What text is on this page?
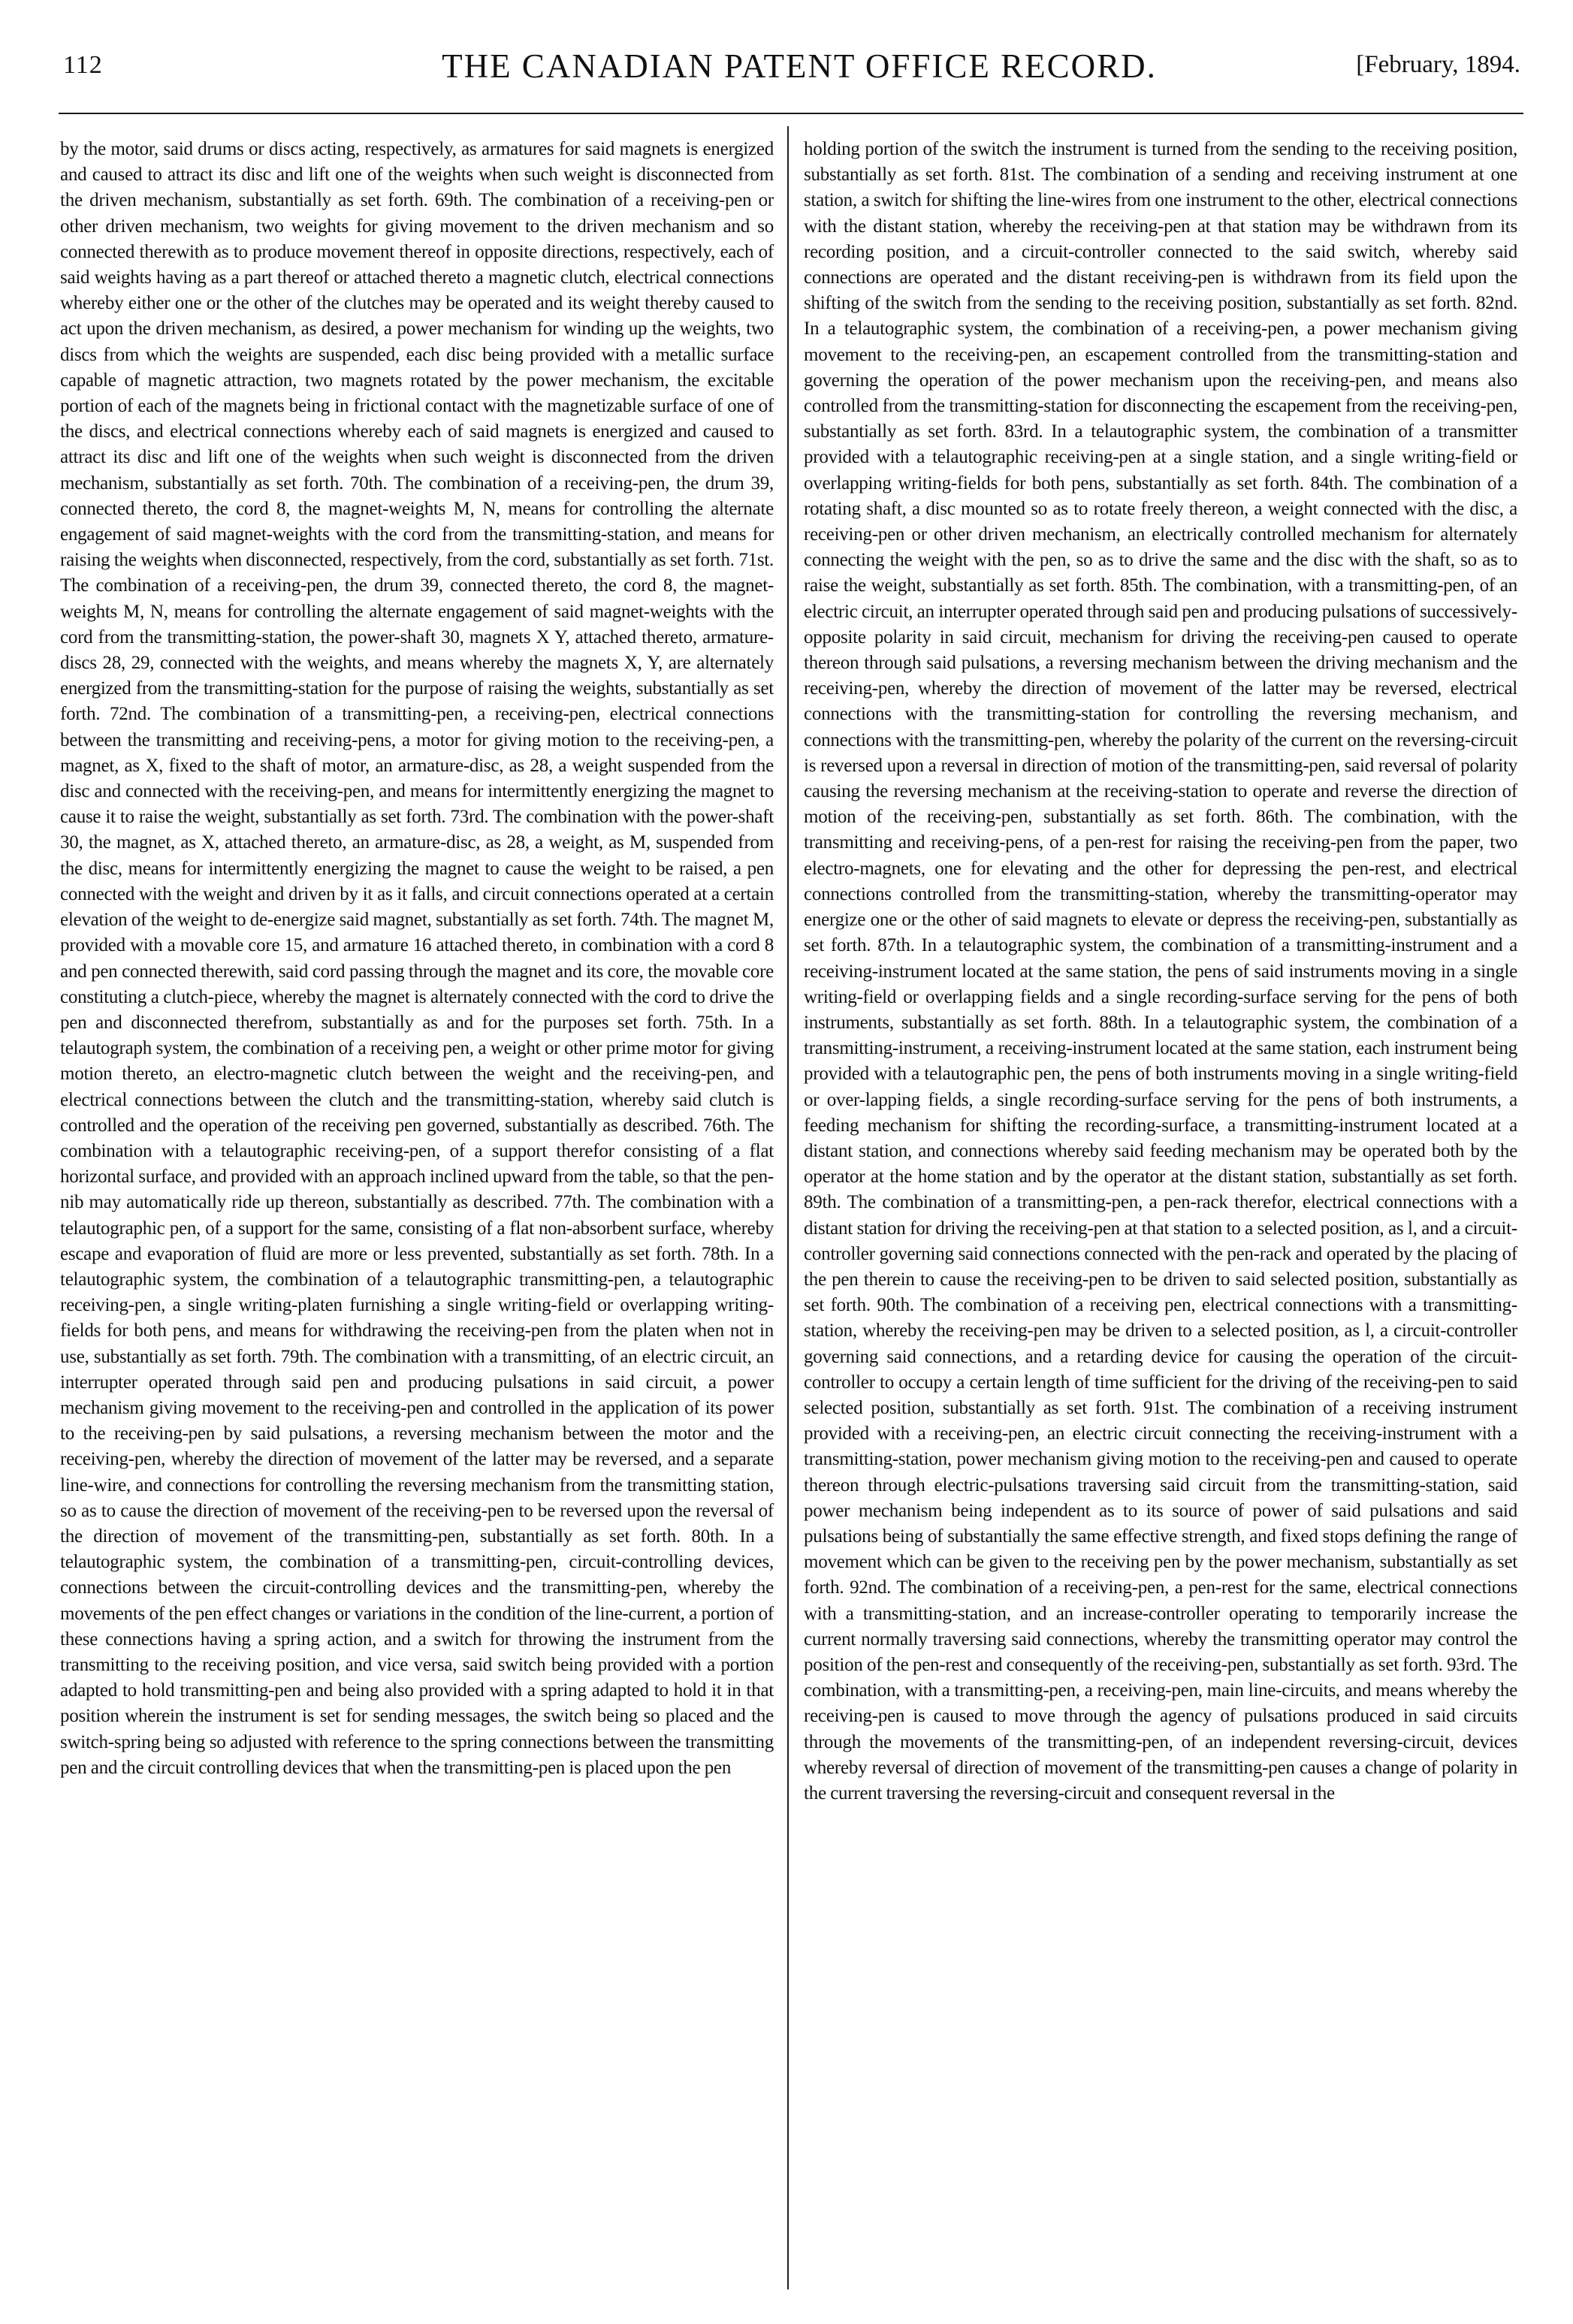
112	THE CANADIAN PATENT OFFICE RECORD.	[February, 1894.

by the motor, said drums or discs acting, respectively, as armatures for said magnets is energized and caused to attract its disc and lift one of the weights when such weight is disconnected from the driven mechanism, substantially as set forth. 69th. The combination of a receiving-pen or other driven mechanism, two weights for giving movement to the driven mechanism and so connected therewith as to produce movement thereof in opposite directions, respectively, each of said weights having as a part thereof or attached thereto a magnetic clutch, electrical connections whereby either one or the other of the clutches may be operated and its weight thereby caused to act upon the driven mechanism, as desired, a power mechanism for winding up the weights, two discs from which the weights are suspended, each disc being provided with a metallic surface capable of magnetic attraction, two magnets rotated by the power mechanism, the excitable portion of each of the magnets being in frictional contact with the magnetizable surface of one of the discs, and electrical connections whereby each of said magnets is energized and caused to attract its disc and lift one of the weights when such weight is disconnected from the driven mechanism, substantially as set forth. 70th. The combination of a receiving-pen, the drum 39, connected thereto, the cord 8, the magnet-weights M, N, means for controlling the alternate engagement of said magnet-weights with the cord from the transmitting-station, and means for raising the weights when disconnected, respectively, from the cord, substantially as set forth. 71st. The combination of a receiving-pen, the drum 39, connected thereto, the cord 8, the magnet-weights M, N, means for controlling the alternate engagement of said magnet-weights with the cord from the transmitting-station, the power-shaft 30, magnets X Y, attached thereto, armature-discs 28, 29, connected with the weights, and means whereby the magnets X, Y, are alternately energized from the transmitting-station for the purpose of raising the weights, substantially as set forth. 72nd. The combination of a transmitting-pen, a receiving-pen, electrical connections between the transmitting and receiving-pens, a motor for giving motion to the receiving-pen, a magnet, as X, fixed to the shaft of motor, an armature-disc, as 28, a weight suspended from the disc and connected with the receiving-pen, and means for intermittently energizing the magnet to cause it to raise the weight, substantially as set forth. 73rd. The combination with the power-shaft 30, the magnet, as X, attached thereto, an armature-disc, as 28, a weight, as M, suspended from the disc, means for intermittently energizing the magnet to cause the weight to be raised, a pen connected with the weight and driven by it as it falls, and circuit connections operated at a certain elevation of the weight to de-energize said magnet, substantially as set forth. 74th. The magnet M, provided with a movable core 15, and armature 16 attached thereto, in combination with a cord 8 and pen connected therewith, said cord passing through the magnet and its core, the movable core constituting a clutch-piece, whereby the magnet is alternately connected with the cord to drive the pen and disconnected therefrom, substantially as and for the purposes set forth. 75th. In a telautograph system, the combination of a receiving pen, a weight or other prime motor for giving motion thereto, an electro-magnetic clutch between the weight and the receiving-pen, and electrical connections between the clutch and the transmitting-station, whereby said clutch is controlled and the operation of the receiving pen governed, substantially as described. 76th. The combination with a telautographic receiving-pen, of a support therefor consisting of a flat horizontal surface, and provided with an approach inclined upward from the table, so that the pen-nib may automatically ride up thereon, substantially as described. 77th. The combination with a telautographic pen, of a support for the same, consisting of a flat non-absorbent surface, whereby escape and evaporation of fluid are more or less prevented, substantially as set forth. 78th. In a telautographic system, the combination of a telautographic transmitting-pen, a telautographic receiving-pen, a single writing-platen furnishing a single writing-field or overlapping writing-fields for both pens, and means for withdrawing the receiving-pen from the platen when not in use, substantially as set forth. 79th. The combination with a transmitting, of an electric circuit, an interrupter operated through said pen and producing pulsations in said circuit, a power mechanism giving movement to the receiving-pen and controlled in the application of its power to the receiving-pen by said pulsations, a reversing mechanism between the motor and the receiving-pen, whereby the direction of movement of the latter may be reversed, and a separate line-wire, and connections for controlling the reversing mechanism from the transmitting station, so as to cause the direction of movement of the receiving-pen to be reversed upon the reversal of the direction of movement of the transmitting-pen, substantially as set forth. 80th. In a telautographic system, the combination of a transmitting-pen, circuit-controlling devices, connections between the circuit-controlling devices and the transmitting-pen, whereby the movements of the pen effect changes or variations in the condition of the line-current, a portion of these connections having a spring action, and a switch for throwing the instrument from the transmitting to the receiving position, and vice versa, said switch being provided with a portion adapted to hold transmitting-pen and being also provided with a spring adapted to hold it in that position wherein the instrument is set for sending messages, the switch being so placed and the switch-spring being so adjusted with reference to the spring connections between the transmitting pen and the circuit controlling devices that when the transmitting-pen is placed upon the pen

holding portion of the switch the instrument is turned from the sending to the receiving position, substantially as set forth. 81st. The combination of a sending and receiving instrument at one station, a switch for shifting the line-wires from one instrument to the other, electrical connections with the distant station, whereby the receiving-pen at that station may be withdrawn from its recording position, and a circuit-controller connected to the said switch, whereby said connections are operated and the distant receiving-pen is withdrawn from its field upon the shifting of the switch from the sending to the receiving position, substantially as set forth. 82nd. In a telautographic system, the combination of a receiving-pen, a power mechanism giving movement to the receiving-pen, an escapement controlled from the transmitting-station and governing the operation of the power mechanism upon the receiving-pen, and means also controlled from the transmitting-station for disconnecting the escapement from the receiving-pen, substantially as set forth. 83rd. In a telautographic system, the combination of a transmitter provided with a telautographic receiving-pen at a single station, and a single writing-field or overlapping writing-fields for both pens, substantially as set forth. 84th. The combination of a rotating shaft, a disc mounted so as to rotate freely thereon, a weight connected with the disc, a receiving-pen or other driven mechanism, an electrically controlled mechanism for alternately connecting the weight with the pen, so as to drive the same and the disc with the shaft, so as to raise the weight, substantially as set forth. 85th. The combination, with a transmitting-pen, of an electric circuit, an interrupter operated through said pen and producing pulsations of successively-opposite polarity in said circuit, mechanism for driving the receiving-pen caused to operate thereon through said pulsations, a reversing mechanism between the driving mechanism and the receiving-pen, whereby the direction of movement of the latter may be reversed, electrical connections with the transmitting-station for controlling the reversing mechanism, and connections with the transmitting-pen, whereby the polarity of the current on the reversing-circuit is reversed upon a reversal in direction of motion of the transmitting-pen, said reversal of polarity causing the reversing mechanism at the receiving-station to operate and reverse the direction of motion of the receiving-pen, substantially as set forth. 86th. The combination, with the transmitting and receiving-pens, of a pen-rest for raising the receiving-pen from the paper, two electro-magnets, one for elevating and the other for depressing the pen-rest, and electrical connections controlled from the transmitting-station, whereby the transmitting-operator may energize one or the other of said magnets to elevate or depress the receiving-pen, substantially as set forth. 87th. In a telautographic system, the combination of a transmitting-instrument and a receiving-instrument located at the same station, the pens of said instruments moving in a single writing-field or overlapping fields and a single recording-surface serving for the pens of both instruments, substantially as set forth. 88th. In a telautographic system, the combination of a transmitting-instrument, a receiving-instrument located at the same station, each instrument being provided with a telautographic pen, the pens of both instruments moving in a single writing-field or over-lapping fields, a single recording-surface serving for the pens of both instruments, a feeding mechanism for shifting the recording-surface, a transmitting-instrument located at a distant station, and connections whereby said feeding mechanism may be operated both by the operator at the home station and by the operator at the distant station, substantially as set forth. 89th. The combination of a transmitting-pen, a pen-rack therefor, electrical connections with a distant station for driving the receiving-pen at that station to a selected position, as l, and a circuit-controller governing said connections connected with the pen-rack and operated by the placing of the pen therein to cause the receiving-pen to be driven to said selected position, substantially as set forth. 90th. The combination of a receiving pen, electrical connections with a transmitting-station, whereby the receiving-pen may be driven to a selected position, as l, a circuit-controller governing said connections, and a retarding device for causing the operation of the circuit-controller to occupy a certain length of time sufficient for the driving of the receiving-pen to said selected position, substantially as set forth. 91st. The combination of a receiving instrument provided with a receiving-pen, an electric circuit connecting the receiving-instrument with a transmitting-station, power mechanism giving motion to the receiving-pen and caused to operate thereon through electric-pulsations traversing said circuit from the transmitting-station, said power mechanism being independent as to its source of power of said pulsations and said pulsations being of substantially the same effective strength, and fixed stops defining the range of movement which can be given to the receiving pen by the power mechanism, substantially as set forth. 92nd. The combination of a receiving-pen, a pen-rest for the same, electrical connections with a transmitting-station, and an increase-controller operating to temporarily increase the current normally traversing said connections, whereby the transmitting operator may control the position of the pen-rest and consequently of the receiving-pen, substantially as set forth. 93rd. The combination, with a transmitting-pen, a receiving-pen, main line-circuits, and means whereby the receiving-pen is caused to move through the agency of pulsations produced in said circuits through the movements of the transmitting-pen, of an independent reversing-circuit, devices whereby reversal of direction of movement of the transmitting-pen causes a change of polarity in the current traversing the reversing-circuit and consequent reversal in the
